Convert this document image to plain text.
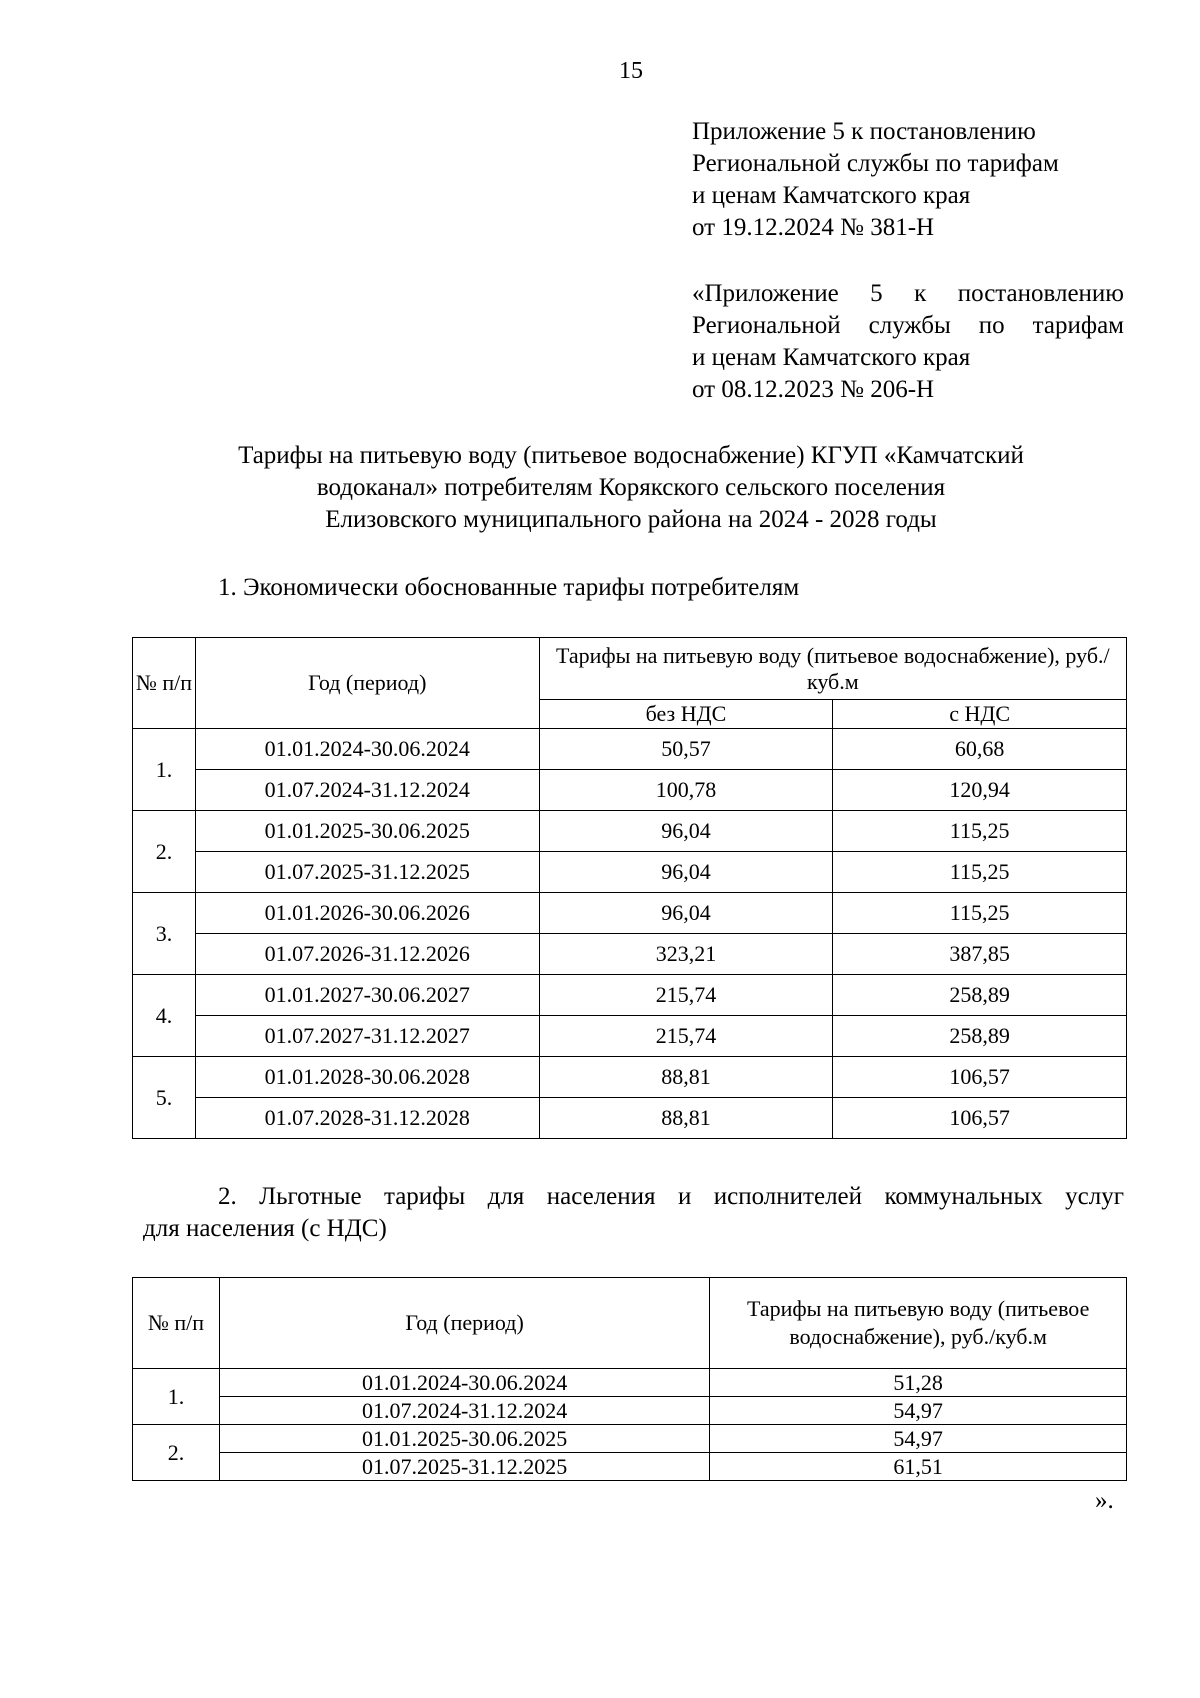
15
Приложение 5 к постановлению
Региональной службы по тарифам
и ценам Камчатского края
от 19.12.2024 № 381-Н
«Приложение 5 к постановлению
Региональной службы по тарифам
и ценам Камчатского края
от 08.12.2023 № 206-Н
Тарифы на питьевую воду (питьевое водоснабжение) КГУП «Камчатский
водоканал» потребителям Корякского сельского поселения
Елизовского муниципального района на 2024 - 2028 годы
1. Экономически обоснованные тарифы потребителям
№ п/п	Год (период)	Тарифы на питьевую воду (питьевое водоснабжение), руб./куб.м	
		без НДС	с НДС
1.	01.01.2024-30.06.2024	50,57	60,68
	01.07.2024-31.12.2024	100,78	120,94
2.	01.01.2025-30.06.2025	96,04	115,25
	01.07.2025-31.12.2025	96,04	115,25
3.	01.01.2026-30.06.2026	96,04	115,25
	01.07.2026-31.12.2026	323,21	387,85
4.	01.01.2027-30.06.2027	215,74	258,89
	01.07.2027-31.12.2027	215,74	258,89
5.	01.01.2028-30.06.2028	88,81	106,57
	01.07.2028-31.12.2028	88,81	106,57
2. Льготные тарифы для населения и исполнителей коммунальных услуг
для населения (с НДС)
№ п/п	Год (период)	Тарифы на питьевую воду (питьевое водоснабжение), руб./куб.м
1.	01.01.2024-30.06.2024	51,28
	01.07.2024-31.12.2024	54,97
2.	01.01.2025-30.06.2025	54,97
	01.07.2025-31.12.2025	61,51
».
